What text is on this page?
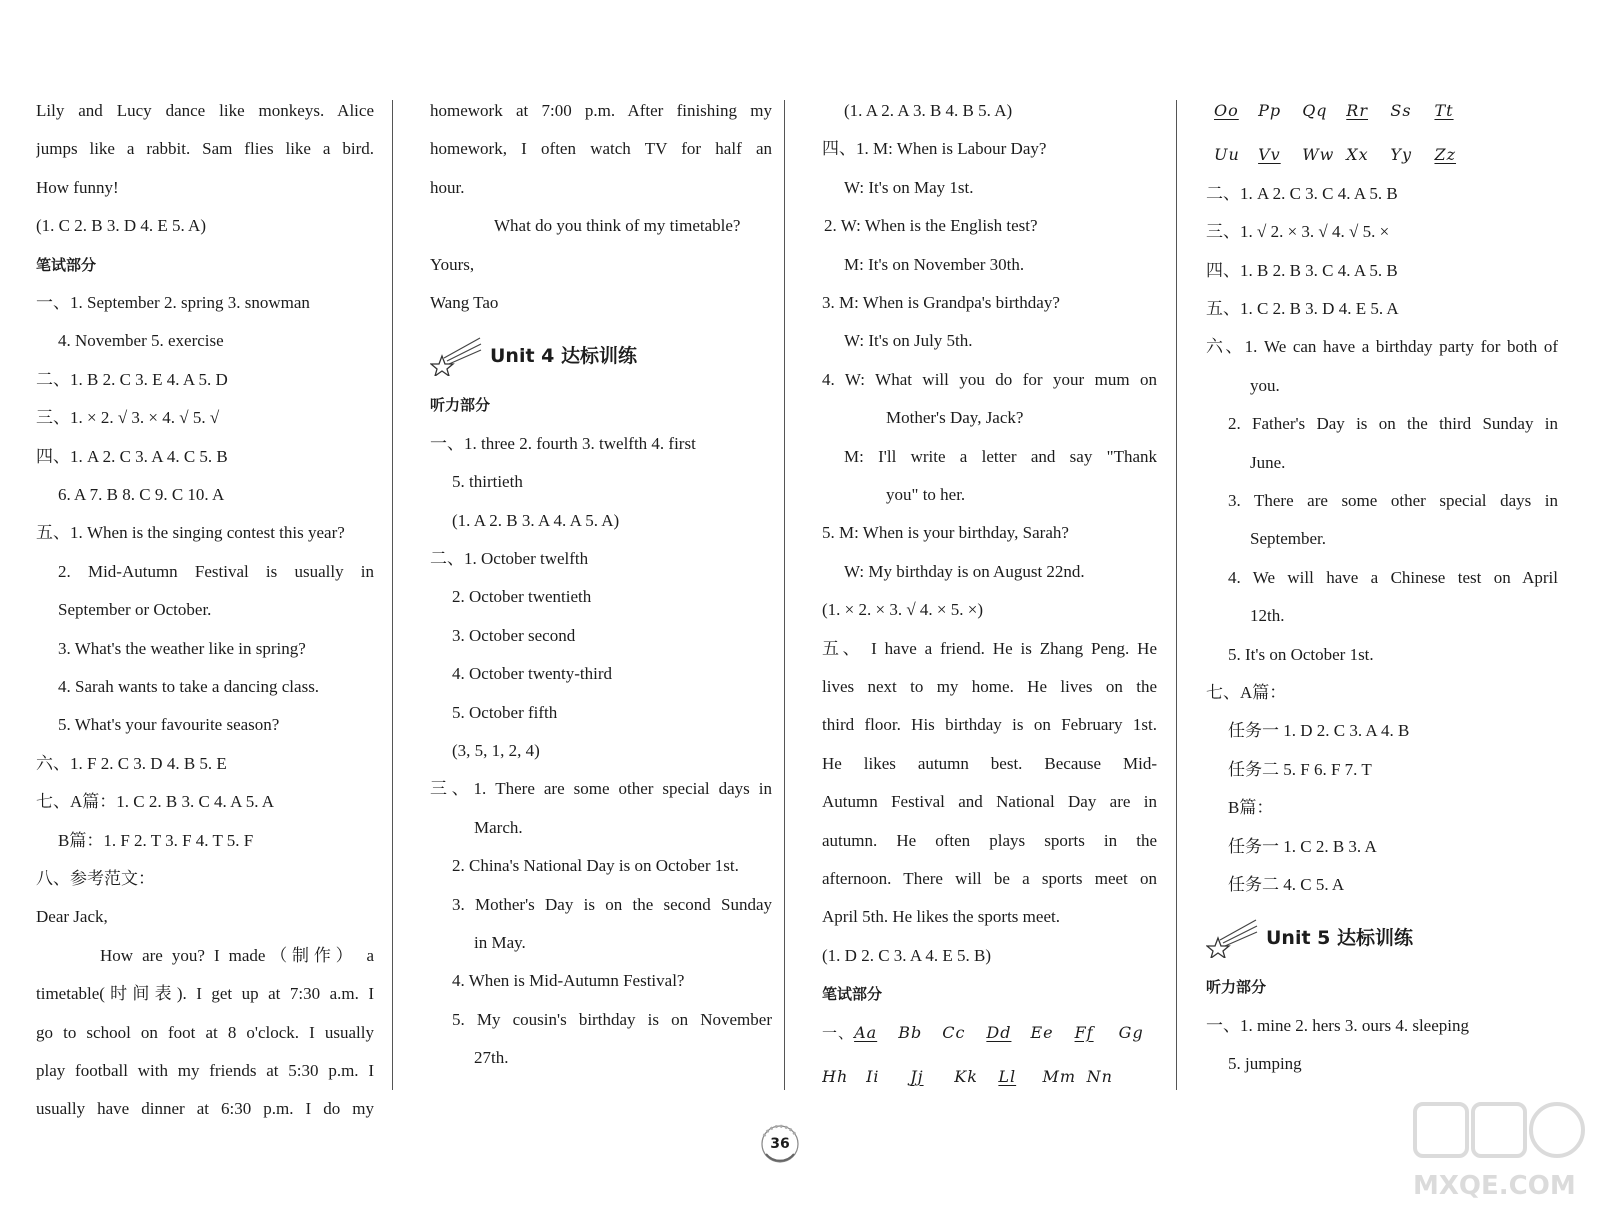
Lily and Lucy dance like monkeys. Alice
jumps like a rabbit. Sam flies like a bird.
How funny!
(1. C 2. B 3. D 4. E 5. A)
笔试部分
一、1. September 2. spring 3. snowman
4. November 5. exercise
二、1. B 2. C 3. E 4. A 5. D
三、1. × 2. √ 3. × 4. √ 5. √
四、1. A 2. C 3. A 4. C 5. B
6. A 7. B 8. C 9. C 10. A
五、1. When is the singing contest this year?
2. Mid-Autumn Festival is usually in
September or October.
3. What's the weather like in spring?
4. Sarah wants to take a dancing class.
5. What's your favourite season?
六、1. F 2. C 3. D 4. B 5. E
七、A篇：1. C 2. B 3. C 4. A 5. A
B篇：1. F 2. T 3. F 4. T 5. F
八、参考范文：
Dear Jack,
How are you? I made（制作） a
timetable(时间表). I get up at 7:30 a.m. I
go to school on foot at 8 o'clock. I usually
play football with my friends at 5:30 p.m. I
usually have dinner at 6:30 p.m. I do my
homework at 7:00 p.m. After finishing my
homework, I often watch TV for half an
hour.
What do you think of my timetable?
Yours,
Wang Tao
Unit 4 达标训练
听力部分
一、1. three 2. fourth 3. twelfth 4. first
5. thirtieth
(1. A 2. B 3. A 4. A 5. A)
二、1. October twelfth
2. October twentieth
3. October second
4. October twenty-third
5. October fifth
(3, 5, 1, 2, 4)
三、1. There are some other special days in
March.
2. China's National Day is on October 1st.
3. Mother's Day is on the second Sunday
in May.
4. When is Mid-Autumn Festival?
5. My cousin's birthday is on November
27th.
(1. A 2. A 3. B 4. B 5. A)
四、1. M: When is Labour Day?
W: It's on May 1st.
2. W: When is the English test?
M: It's on November 30th.
3. M: When is Grandpa's birthday?
W: It's on July 5th.
4. W: What will you do for your mum on
Mother's Day, Jack?
M: I'll write a letter and say "Thank
you" to her.
5. M: When is your birthday, Sarah?
W: My birthday is on August 22nd.
(1. × 2. × 3. √ 4. × 5. ×)
五、 I have a friend. He is Zhang Peng. He
lives next to my home. He lives on the
third floor. His birthday is on February 1st.
He likes autumn best. Because Mid-
Autumn Festival and National Day are in
autumn. He often plays sports in the
afternoon. There will be a sports meet on
April 5th. He likes the sports meet.
(1. D 2. C 3. A 4. E 5. B)
笔试部分
一、 Aa Bb Cc Dd Ee Ff Gg
Hh Ii Jj Kk Ll Mm Nn
Oo Pp Qq Rr Ss Tt
Uu Vv Ww Xx Yy Zz
二、1. A 2. C 3. C 4. A 5. B
三、1. √ 2. × 3. √ 4. √ 5. ×
四、1. B 2. B 3. C 4. A 5. B
五、1. C 2. B 3. D 4. E 5. A
六、1. We can have a birthday party for both of
you.
2. Father's Day is on the third Sunday in
June.
3. There are some other special days in
September.
4. We will have a Chinese test on April
12th.
5. It's on October 1st.
七、A篇：
任务一 1. D 2. C 3. A 4. B
任务二 5. F 6. F 7. T
B篇：
任务一 1. C 2. B 3. A
任务二 4. C 5. A
Unit 5 达标训练
听力部分
一、1. mine 2. hers 3. ours 4. sleeping
5. jumping
36
MXQE.COM
